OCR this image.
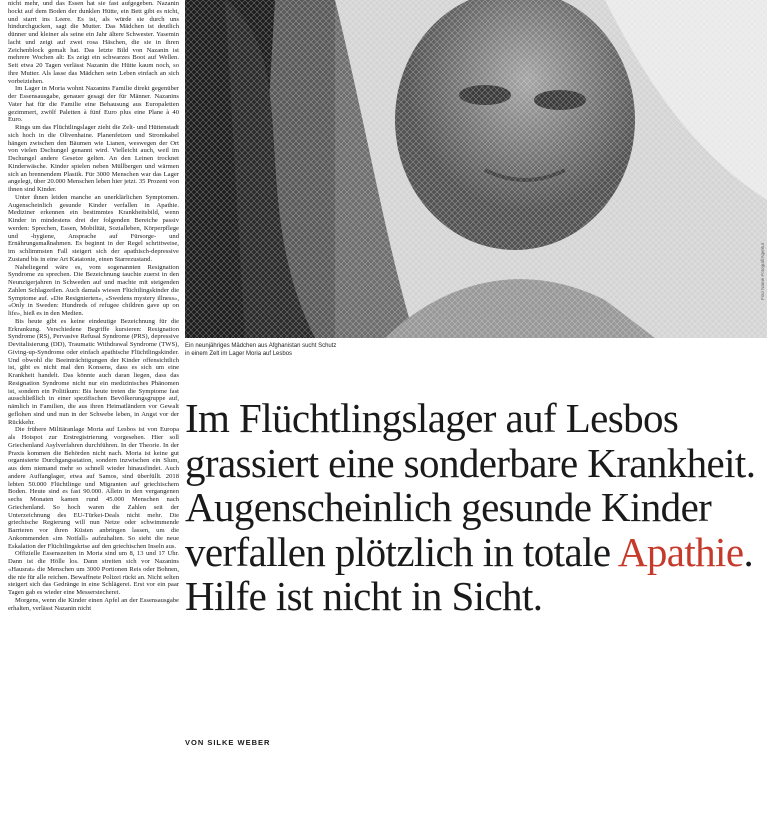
nicht mehr, und das Essen hat sie fast aufgegeben. Nazanin hockt auf dem Boden der dunklen Hütte, ein Bett gibt es nicht, und starrt ins Leere. Es ist, als würde sie durch uns hindurchgucken, sagt die Mutter. Das Mädchen ist deutlich dünner und kleiner als seine ein Jahr ältere Schwester. Yasemin lacht und zeigt auf zwei rosa Häschen, die sie in ihren Zeichenblock gemalt hat. Das letzte Bild von Nazanin ist mehrere Wochen alt: Es zeigt ein schwarzes Boot auf Wellen. Seit etwa 20 Tagen verlässt Nazanin die Hütte kaum noch, so ihre Mutter. Als lasse das Mädchen sein Leben einfach an sich vorbeiziehen.

Im Lager in Moria wohnt Nazanins Familie direkt gegenüber der Essensausgabe, genauer gesagt der für Männer. Nazanins Vater hat für die Familie eine Behausung aus Europaletten gezimmert, zwölf Paletten à fünf Euro plus eine Plane à 40 Euro.

Rings um das Flüchtlingslager zieht die Zelt- und Hüttenstadt sich hoch in die Olivenhaine. Planenfetzen und Stromkabel hängen zwischen den Bäumen wie Lianen, weswegen der Ort von vielen Dschungel genannt wird. Vielleicht auch, weil im Dschungel andere Gesetze gelten. An den Leinen trocknet Kinderwäsche. Kinder spielen neben Müllbergen und wärmen sich an brennendem Plastik. Für 3000 Menschen war das Lager angelegt, über 20.000 Menschen leben hier jetzt. 35 Prozent von ihnen sind Kinder.

Unter ihnen leiden manche an unerklärlichen Symptomen. Augenscheinlich gesunde Kinder verfallen in Apathie. Mediziner erkennen ein bestimmtes Krankheitsbild, wenn Kinder in mindestens drei der folgenden Bereiche passiv werden: Sprechen, Essen, Mobilität, Sozialleben, Körperpflege und -hygiene, Ansprache auf Fürsorge- und Ernährungsmaßnahmen. Es beginnt in der Regel schrittweise, im schlimmsten Fall steigert sich der apathisch-depressive Zustand bis in eine Art Katatonie, einen Starrezustand.

Naheliegend wäre es, vom sogenannten Resignation Syndrome zu sprechen. Die Bezeichnung tauchte zuerst in den Neunzigerjahren in Schweden auf und machte mit steigenden Zahlen Schlagzeilen. Auch damals wiesen Flüchtlingskinder die Symptome auf. «Die Resignierten», «Swedens mystery illness», «Only in Sweden: Hundreds of refugee children gave up on life», hieß es in den Medien.

Bis heute gibt es keine eindeutige Bezeichnung für die Erkrankung. Verschiedene Begriffe kursieren: Resignation Syndrome (RS), Pervasive Refusal Syndrome (PRS), depressive Devitalisierung (DD), Traumatic Withdrawal Syndrome (TWS), Giving-up-Syndrome oder einfach apathische Flüchtlingskinder. Und obwohl die Beeinträchtigungen der Kinder offensichtlich ist, gibt es nicht mal den Konsens, dass es sich um eine Krankheit handelt. Das könnte auch daran liegen, dass das Resignation Syndrome nicht nur ein medizinisches Phänomen ist, sondern ein Politikum: Bis heute treten die Symptome fast ausschließlich in einer spezifischen Bevölkerungsgruppe auf, nämlich in Familien, die aus ihren Heimatländern vor Gewalt geflohen sind und nun in der Schwebe leben, in Angst vor der Rückkehr.

Die frühere Militäranlage Moria auf Lesbos ist von Europa als Hotspot zur Erstregistrierung vorgesehen. Hier soll Griechenland Asylverfahren durchführen. In der Theorie. In der Praxis kommen die Behörden nicht nach. Moria ist keine gut organisierte Durchgangsstation, sondern inzwischen ein Slum, aus dem niemand mehr so schnell wieder hinausfindet. Auch andere Auffanglager, etwa auf Samos, sind überfüllt. 2018 lebten 50.000 Flüchtlinge und Migranten auf griechischem Boden. Heute sind es fast 90.000. Allein in den vergangenen sechs Monaten kamen rund 45.000 Menschen nach Griechenland. So hoch waren die Zahlen seit der Unterzeichnung des EU-Türkei-Deals nicht mehr. Die griechische Regierung will nun Netze oder schwimmende Barrieren vor ihren Küsten anbringen lassen, um die Ankommenden «im Notfall» aufzuhalten. So sieht die neue Eskalation der Flüchtlingskrise auf den griechischen Inseln aus.

Offizielle Essenszeiten in Moria sind um 8, 13 und 17 Uhr. Dann ist die Hölle los. Dann streiten sich vor Nazanins «Hausrat» die Menschen um 3000 Portionen Reis oder Bohnen, die nie für alle reichen. Bewaffnete Polizei rückt an. Nicht selten steigert sich das Gedränge in eine Schlägerei. Erst vor ein paar Tagen gab es wieder eine Messerstecherei.

Morgens, wenn die Kinder einen Apfel an der Essensausgabe erhalten, verlässt Nazanin nicht

Foto Name Fotograf/Agentur
Ein neunjähriges Mädchen aus Afghanistan sucht Schutz
in einem Zelt im Lager Moria auf Lesbos
Im Flüchtlingslager auf Lesbos grassiert eine sonderbare Krankheit. Augenscheinlich gesunde Kinder verfallen plötzlich in totale Apathie. Hilfe ist nicht in Sicht.
VON SILKE WEBER
